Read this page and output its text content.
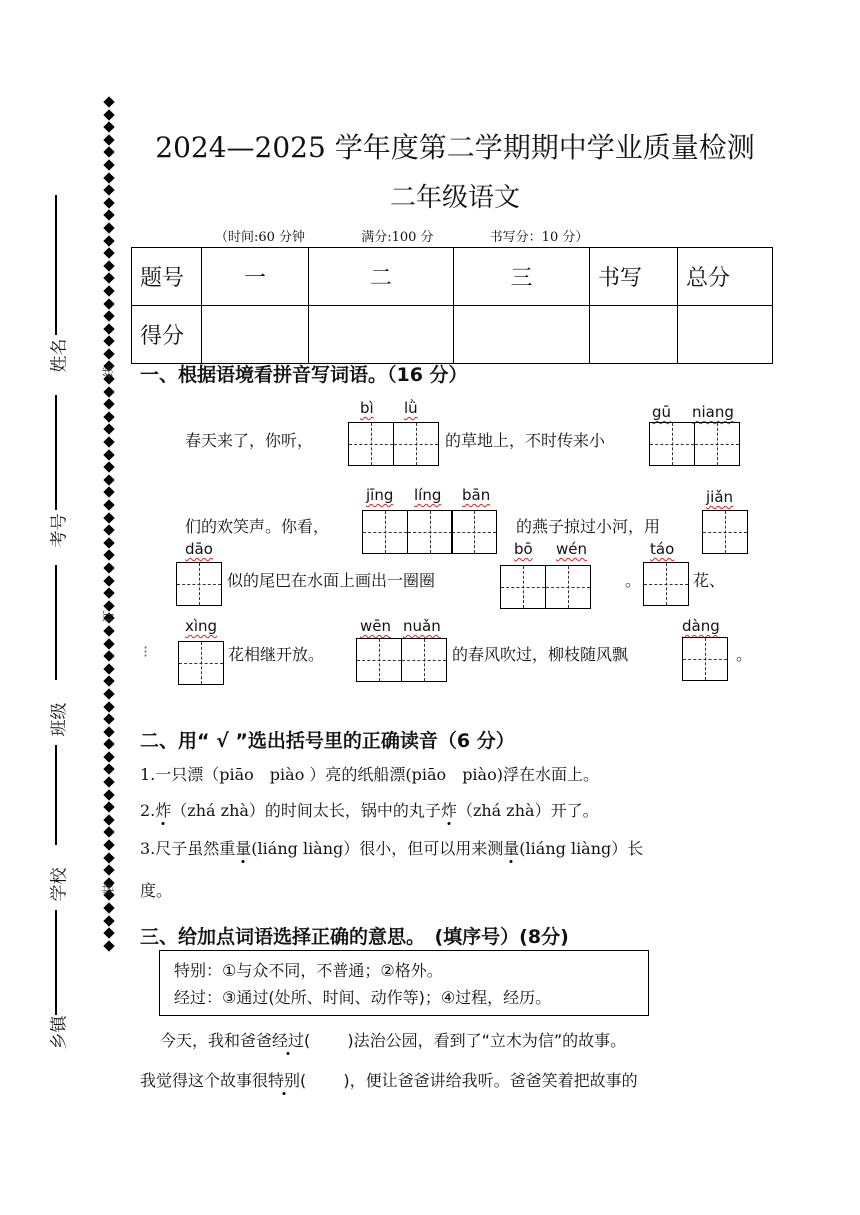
姓名
考号
班级
学校
乡镇
线
订
装
2024—2025 学年度第二学期期中学业质量检测
二年级语文
（时间:60 分钟	满分:100 分	书写分：10 分）
题号	一	二	三	书写	总分
得分					
一、根据语境看拼音写词语。（16 分）
bì lǜ	gū niang
春天来了，你听，	的草地上，不时传来小
jīng líng bān	jiǎn
们的欢笑声。你看，	的燕子掠过小河，用
dāo	bō wén	táo
似的尾巴在水面上画出一圈圈	。	花、
xìng	wēn nuǎn	dàng
⁝	花相继开放。	的春风吹过，柳枝随风飘	。
二、用“ √ ”选出括号里的正确读音（6 分）
1.一只漂（piāo　piào ）亮的纸船漂(piāo　piào)浮在水面上。
2.炸（zhá zhà）的时间太长，锅中的丸子炸（zhá zhà）开了。
3.尺子虽然重量(liáng liàng）很小，但可以用来测量(liáng liàng）长
度。
三、给加点词语选择正确的意思。　(填序号）(8分)
特别：①与众不同，不普通；②格外。
经过：③通过(处所、时间、动作等)；④过程，经历。
今天，我和爸爸经过(　　 )法治公园，看到了“立木为信”的故事。
我觉得这个故事很特别(　　 )，便让爸爸讲给我听。爸爸笑着把故事的
